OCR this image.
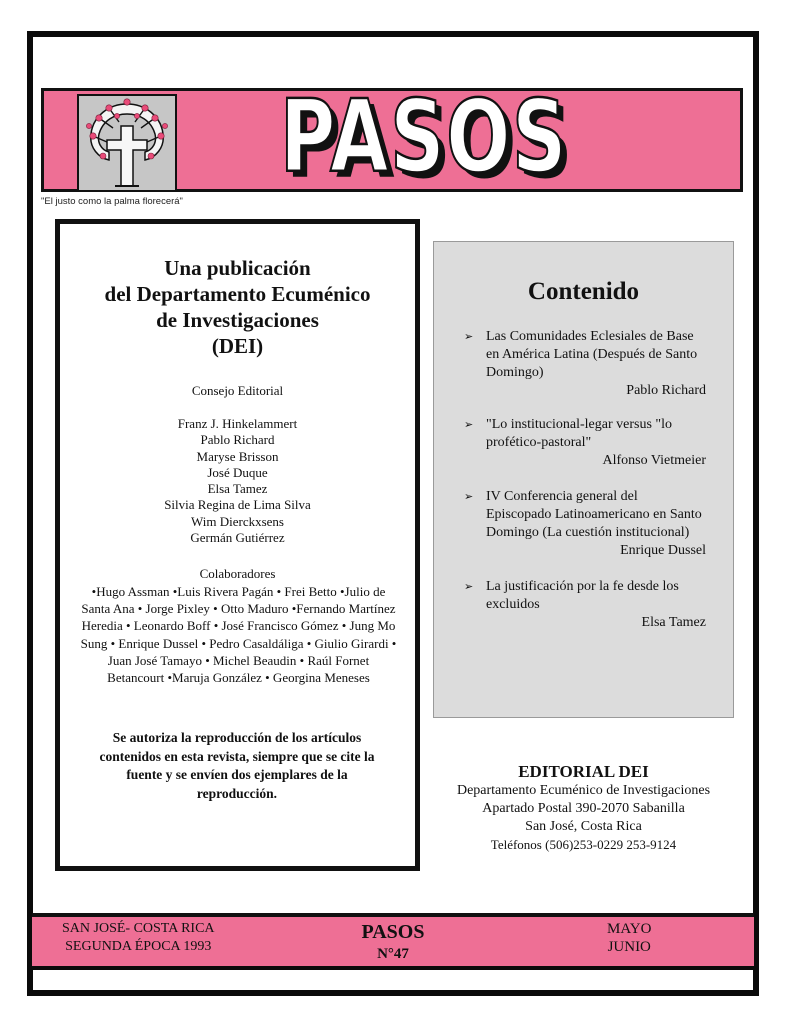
PASOS
PASOS
"El justo como la palma florecerá"
Una publicación
del Departamento Ecuménico
de Investigaciones
(DEI)
Consejo Editorial
Franz J. Hinkelammert
Pablo Richard
Maryse Brisson
José Duque
Elsa Tamez
Silvia Regina de Lima Silva
Wim Dierckxsens
Germán Gutiérrez
Colaboradores
•Hugo Assman •Luis Rivera Pagán • Frei Betto •Julio de
Santa Ana • Jorge Pixley • Otto Maduro •Fernando Martínez
Heredia • Leonardo Boff • José Francisco Gómez • Jung Mo
Sung • Enrique Dussel • Pedro Casaldáliga • Giulio Girardi •
Juan José Tamayo • Michel Beaudin • Raúl Fornet
Betancourt •Maruja González • Georgina Meneses
Se autoriza la reproducción de los artículos
contenidos en esta revista, siempre que se cite la
fuente y se envíen dos ejemplares de la
reproducción.
Contenido
➢ Las Comunidades Eclesiales de Base
en América Latina (Después de Santo
Domingo)
Pablo Richard
➢ "Lo institucional-legar versus "lo
profético-pastoral"
Alfonso Vietmeier
➢ IV Conferencia general del
Episcopado Latinoamericano en Santo
Domingo (La cuestión institucional)
Enrique Dussel
➢ La justificación por la fe desde los
excluidos
Elsa Tamez
EDITORIAL DEI
Departamento Ecuménico de Investigaciones
Apartado Postal 390-2070 Sabanilla
San José, Costa Rica
Teléfonos (506)253-0229 253-9124
SAN JOSÉ- COSTA RICA
SEGUNDA ÉPOCA 1993
PASOS
N°47
MAYO
JUNIO
